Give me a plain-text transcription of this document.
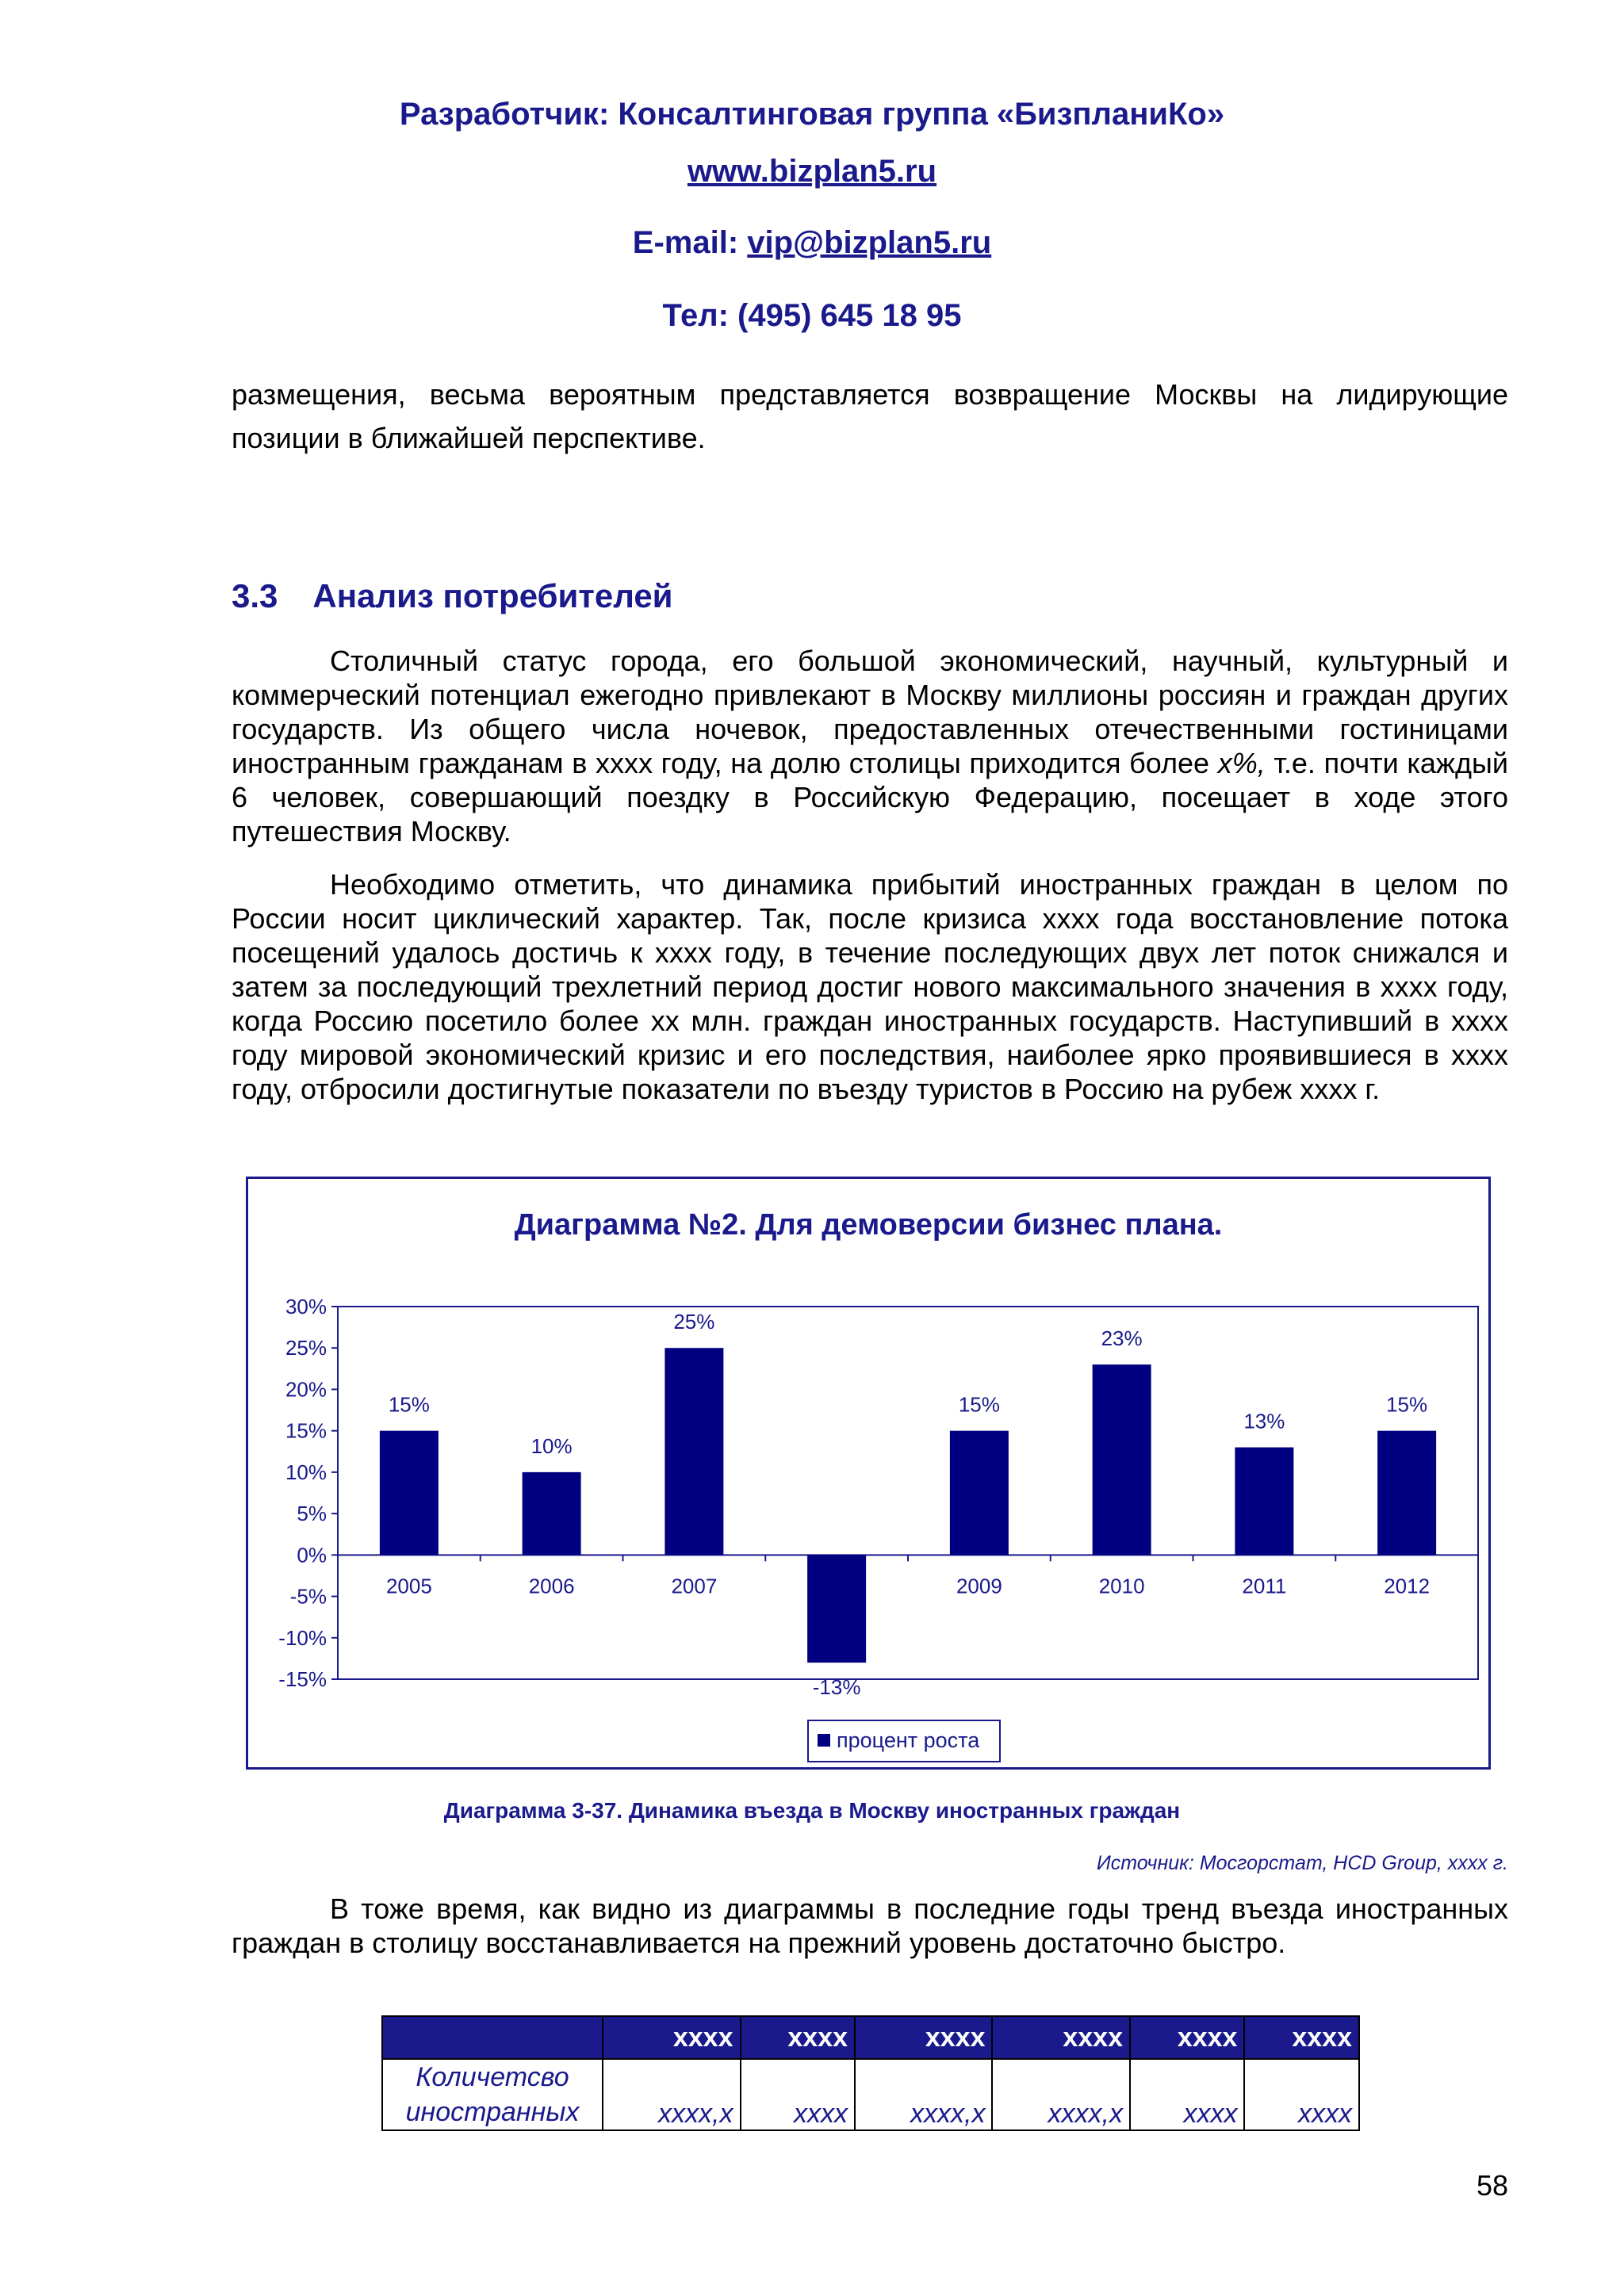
Разработчик: Консалтинговая группа «БизпланиКо»
www.bizplan5.ru
E-mail: vip@bizplan5.ru
Тел: (495) 645 18 95

размещения, весьма вероятным представляется возвращение Москвы на лидирующие позиции в ближайшей перспективе.

3.3 Анализ потребителей

Столичный статус города, его большой экономический, научный, культурный и коммерческий потенциал ежегодно привлекают в Москву миллионы россиян и граждан других государств. Из общего числа ночевок, предоставленных отечественными гостиницами иностранным гражданам в хххх году, на долю столицы приходится более х%, т.е. почти каждый 6 человек, совершающий поездку в Российскую Федерацию, посещает в ходе этого путешествия Москву.

Необходимо отметить, что динамика прибытий иностранных граждан в целом по России носит циклический характер. Так, после кризиса хххх года восстановление потока посещений удалось достичь к хххх году, в течение последующих двух лет поток снижался и затем за последующий трехлетний период достиг нового максимального значения в хххх году, когда Россию посетило более хх млн. граждан иностранных государств. Наступивший в хххх году мировой экономический кризис и его последствия, наиболее ярко проявившиеся в хххх году, отбросили достигнутые показатели по въезду туристов в Россию на рубеж хххх г.

Диаграмма №2. Для демоверсии бизнес плана.
30%
25%
20%
15%
10%
5%
0%
-5%
-10%
-15%
2005	2006	2007	2009	2010	2011	2012
15%
10%
25%
-13%
15%
23%
13%
15%
процент роста
Диаграмма 3-37. Динамика въезда в Москву иностранных граждан
Источник: Мосгорстат, HCD Group, хххх г.

В тоже время, как видно из диаграммы в последние годы тренд въезда иностранных граждан в столицу восстанавливается на прежний уровень достаточно быстро.

	хххх	хххх	хххх	хххх	хххх	хххх
Количетсво
иностранных	хххх,х	хххх	хххх,х	хххх,х	хххх	хххх
58
